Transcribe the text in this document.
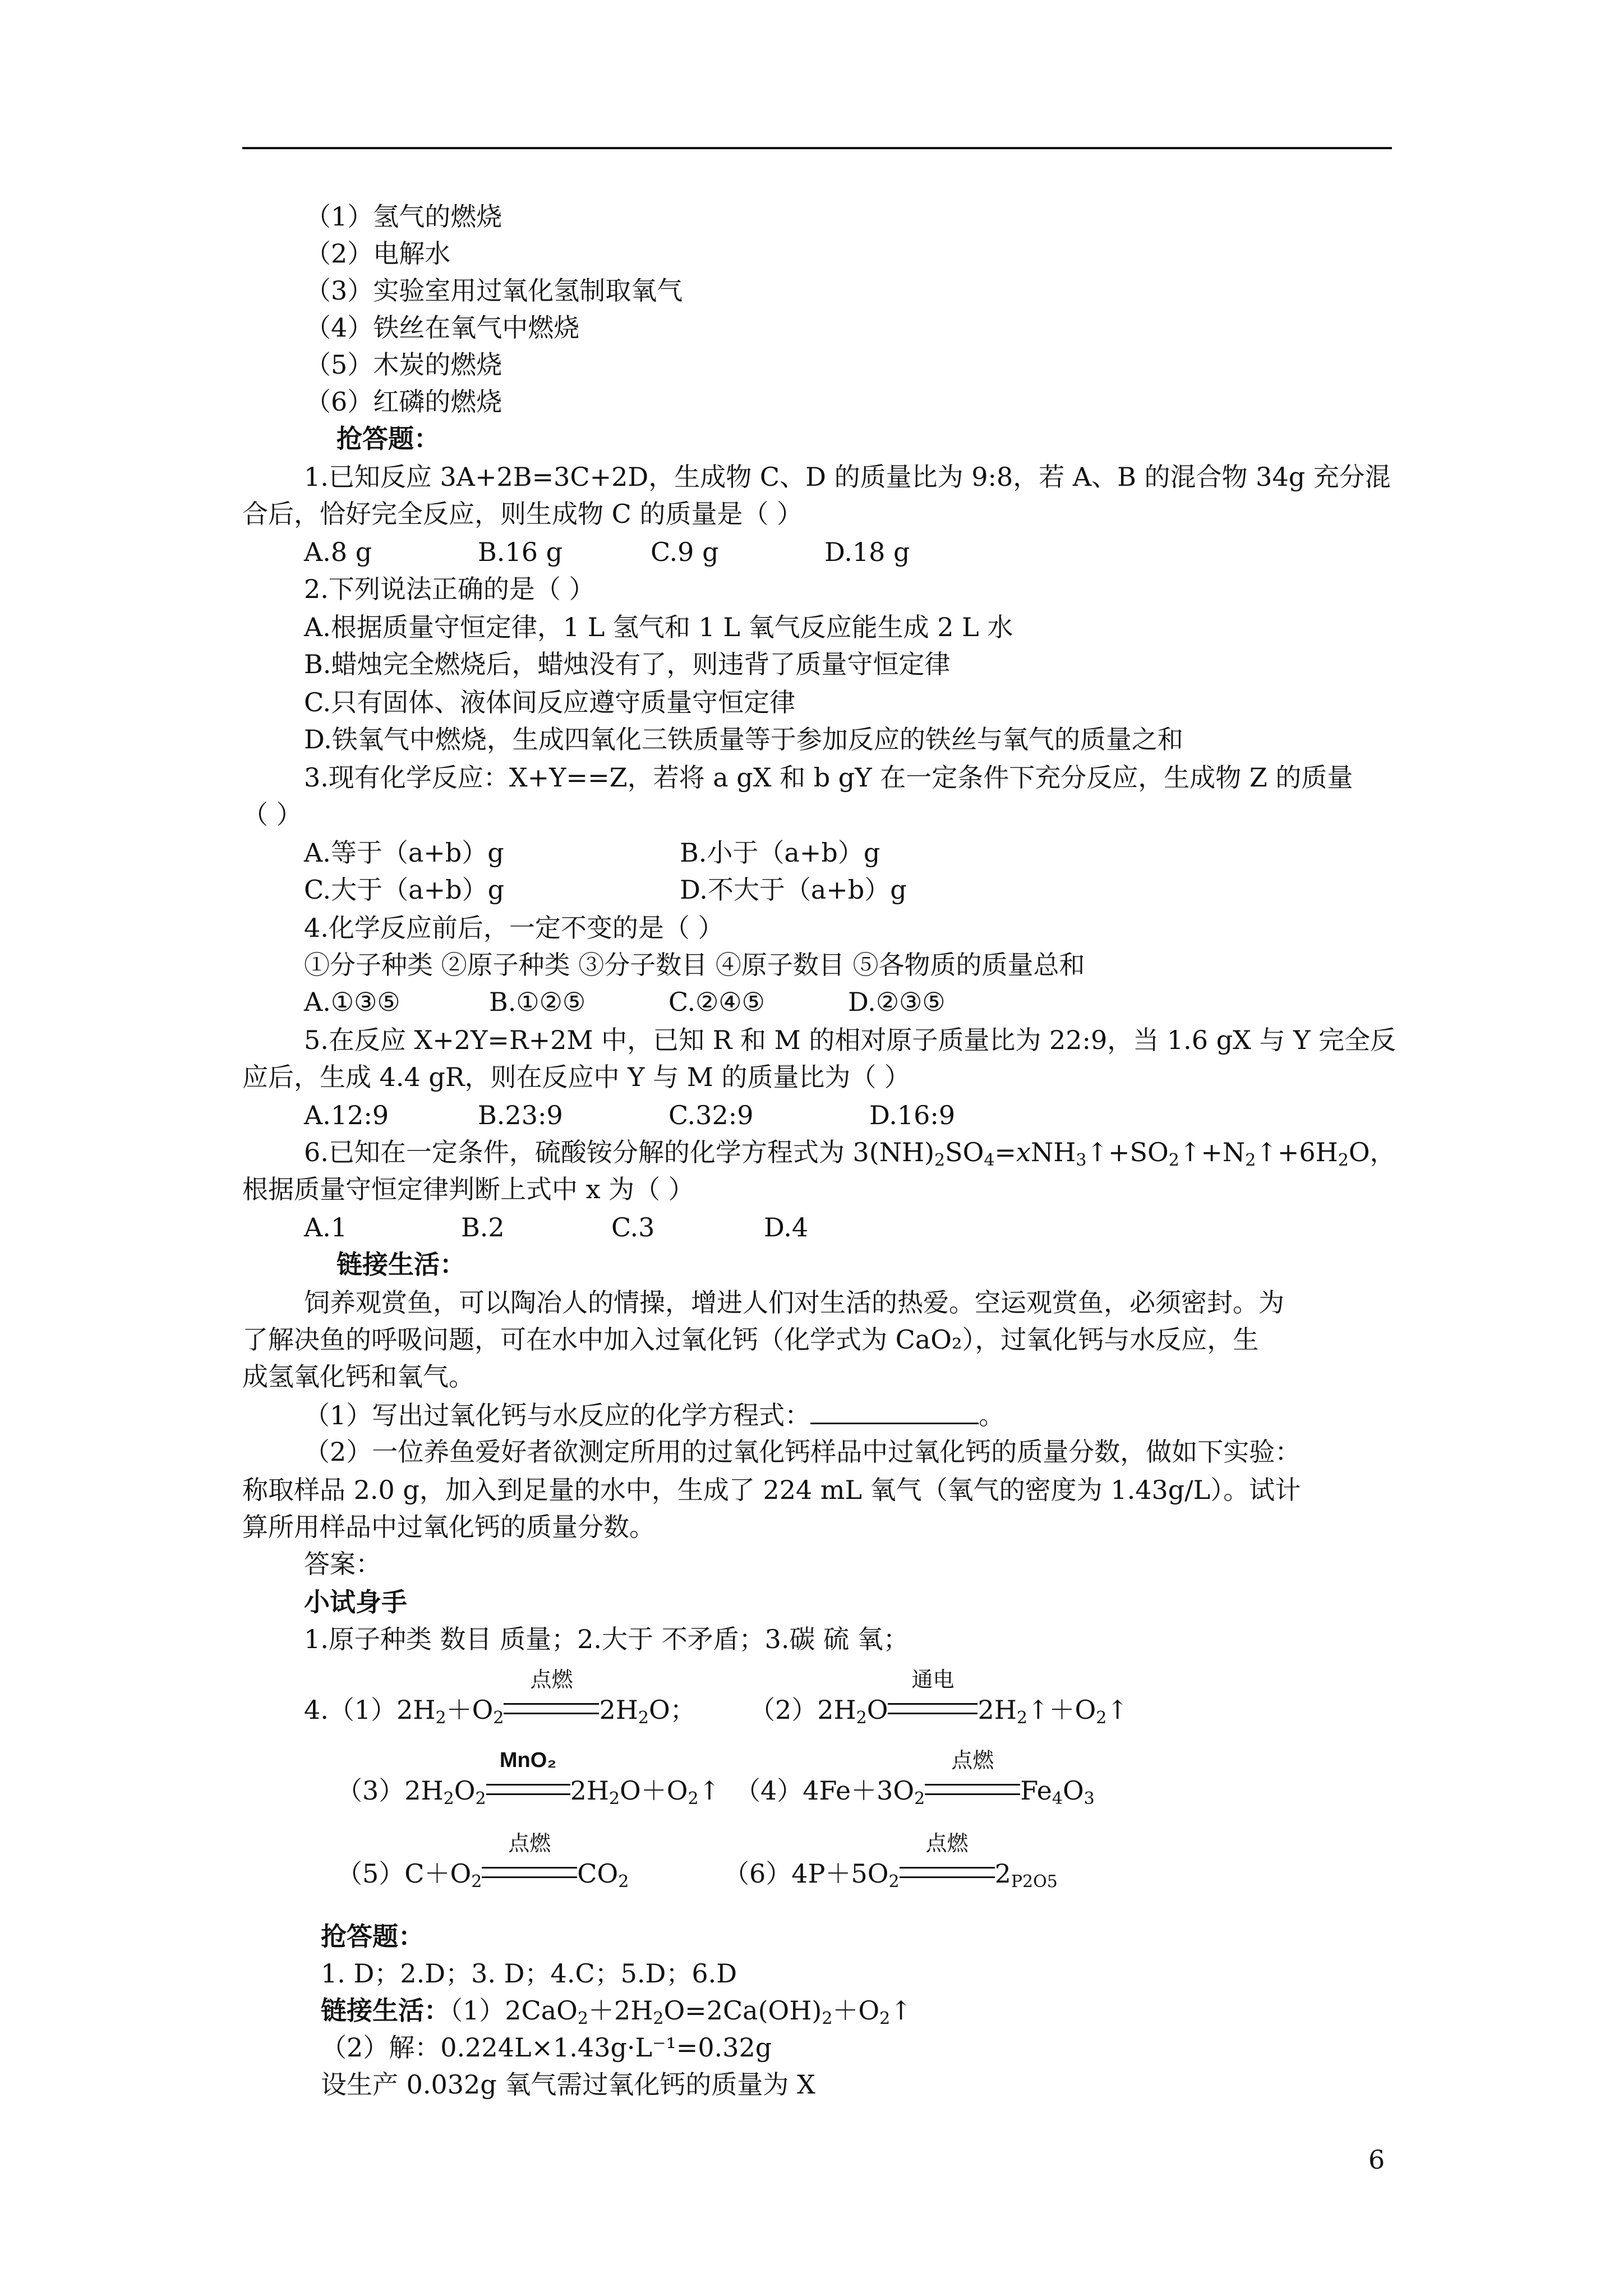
（1）氢气的燃烧
（2）电解水
（3）实验室用过氧化氢制取氧气
（4）铁丝在氧气中燃烧
（5）木炭的燃烧
（6）红磷的燃烧
抢答题：
1.已知反应 3A+2B=3C+2D，生成物 C、D 的质量比为 9:8，若 A、B 的混合物 34g 充分混
合后，恰好完全反应，则生成物 C 的质量是（ ）
A.8 g	B.16 g	C.9 g	D.18 g
2.下列说法正确的是（ ）
A.根据质量守恒定律，1 L 氢气和 1 L 氧气反应能生成 2 L 水
B.蜡烛完全燃烧后，蜡烛没有了，则违背了质量守恒定律
C.只有固体、液体间反应遵守质量守恒定律
D.铁氧气中燃烧，生成四氧化三铁质量等于参加反应的铁丝与氧气的质量之和
3.现有化学反应：X+Y==Z，若将 a gX 和 b gY 在一定条件下充分反应，生成物 Z 的质量
（ ）
A.等于（a+b）g	B.小于（a+b）g
C.大于（a+b）g	D.不大于（a+b）g
4.化学反应前后，一定不变的是（ ）
①分子种类 ②原子种类 ③分子数目 ④原子数目 ⑤各物质的质量总和
A.①③⑤	B.①②⑤	C.②④⑤	D.②③⑤
5.在反应 X+2Y=R+2M 中，已知 R 和 M 的相对原子质量比为 22:9，当 1.6 gX 与 Y 完全反
应后，生成 4.4 gR，则在反应中 Y 与 M 的质量比为（ ）
A.12:9	B.23:9	C.32:9	D.16:9
6.已知在一定条件，硫酸铵分解的化学方程式为 $3(NH)_2SO_4=xNH_3↑+SO_2↑+N_2↑+6H_2O$，
根据质量守恒定律判断上式中 x 为（ ）
A.1	B.2	C.3	D.4
链接生活：
饲养观赏鱼，可以陶冶人的情操，增进人们对生活的热爱。空运观赏鱼，必须密封。为
了解决鱼的呼吸问题，可在水中加入过氧化钙（化学式为 CaO₂），过氧化钙与水反应，生
成氢氧化钙和氧气。
（1）写出过氧化钙与水反应的化学方程式：	。
（2）一位养鱼爱好者欲测定所用的过氧化钙样品中过氧化钙的质量分数，做如下实验：
称取样品 2.0 g，加入到足量的水中，生成了 224 mL 氧气（氧气的密度为 1.43g/L）。试计
算所用样品中过氧化钙的质量分数。
答案：
小试身手
1.原子种类 数目 质量；2.大于 不矛盾；3.碳 硫 氧；
$4.(1)2H_2+O_2$
点燃
$2H_2O$； $(2)2H_2O$
通电
$2H_2↑+O_2↑$
$(3)2H_2O_2$
MnO₂
$2H_2O+O_2↑$ $(4)4Fe+3O_2$
点燃
$Fe_4O_3$
$(5)C+O_2$
点燃
$CO_2$	$(6)4P+5O_2$
点燃
$2_{P2O5}$
抢答题：
1. D；2.D；3. D；4.C；5.D；6.D
链接生活：$(1)2CaO_2+2H_2O=2Ca(OH)_2+O_2↑$
（2）解：0.224L×1.43g·L⁻¹=0.32g
设生产 0.032g 氧气需过氧化钙的质量为 X
6
